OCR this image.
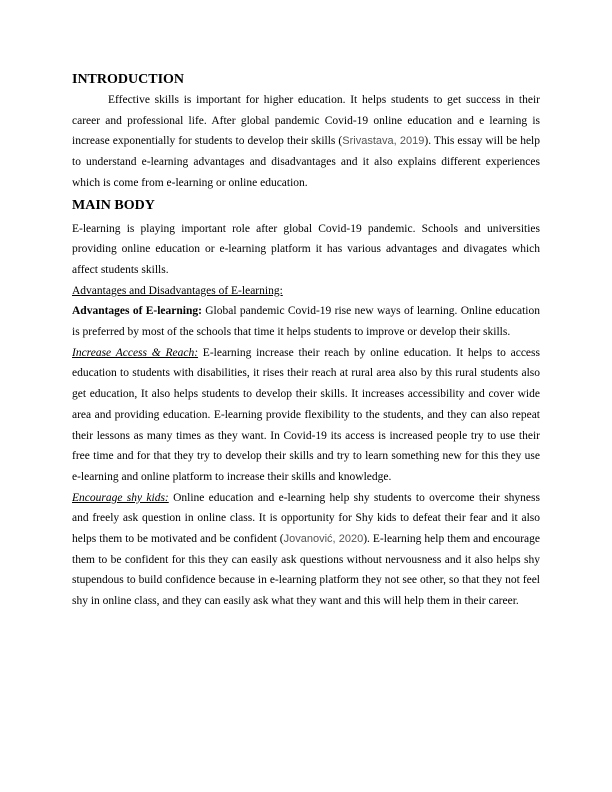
INTRODUCTION

Effective skills is important for higher education. It helps students to get success in their career and professional life. After global pandemic Covid-19 online education and e learning is increase exponentially for students to develop their skills (Srivastava, 2019). This essay will be help to understand e-learning advantages and disadvantages and it also explains different experiences which is come from e-learning or online education.

MAIN BODY

E-learning is playing important role after global Covid-19 pandemic. Schools and universities providing online education or e-learning platform it has various advantages and divagates which affect students skills.

Advantages and Disadvantages of E-learning:

Advantages of E-learning: Global pandemic Covid-19 rise new ways of learning. Online education is preferred by most of the schools that time it helps students to improve or develop their skills.

Increase Access & Reach: E-learning increase their reach by online education. It helps to access education to students with disabilities, it rises their reach at rural area also by this rural students also get education, It also helps students to develop their skills. It increases accessibility and cover wide area and providing education. E-learning provide flexibility to the students, and they can also repeat their lessons as many times as they want. In Covid-19 its access is increased people try to use their free time and for that they try to develop their skills and try to learn something new for this they use e-learning and online platform to increase their skills and knowledge.

Encourage shy kids: Online education and e-learning help shy students to overcome their shyness and freely ask question in online class. It is opportunity for Shy kids to defeat their fear and it also helps them to be motivated and be confident (Jovanović, 2020). E-learning help them and encourage them to be confident for this they can easily ask questions without nervousness and it also helps shy stupendous to build confidence because in e-learning platform they not see other, so that they not feel shy in online class, and they can easily ask what they want and this will help them in their career.
